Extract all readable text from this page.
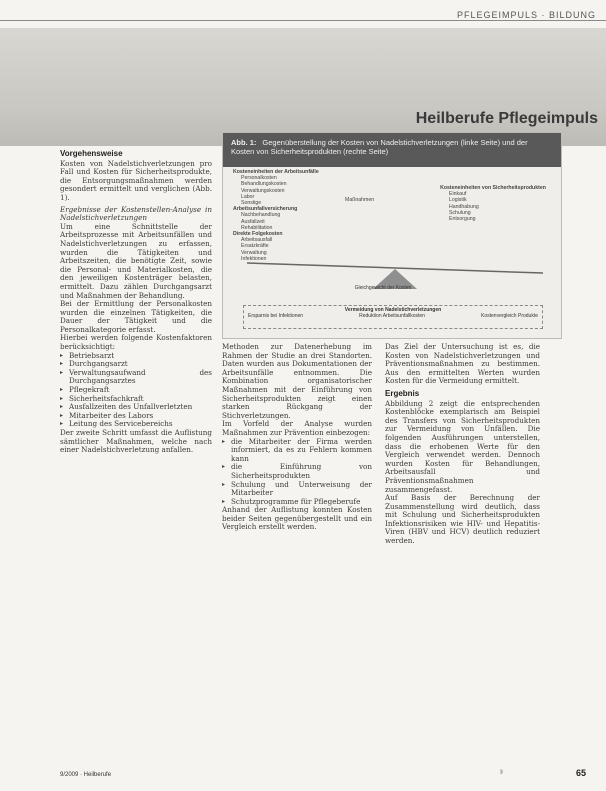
PFLEGEIMPULS · BILDUNG
Heilberufe Pflegeimpuls
Vorgehensweise
Kosten von Nadelstichverletzungen pro Fall und Kosten für Sicherheitsprodukte, die Entsorgungsmaßnahmen werden gesondert ermittelt und verglichen (Abb. 1).
Ergebnisse der Kostenstellen-Analyse in Nadelstichverletzungen
Um eine Schnittstelle der Arbeitsprozesse mit Arbeitsunfällen und Nadelstichverletzungen zu erfassen, wurden die Tätigkeiten und Arbeitszeiten, die benötigte Zeit, sowie die Personal- und Materialkosten, die den jeweiligen Kostenträger belasten, ermittelt. Dazu zählen Durchgangsarzt und Maßnahmen der Behandlung.
Bei der Ermittlung der Personalkosten wurden die einzelnen Tätigkeiten, die Dauer der Tätigkeit und die Personalkategorie erfasst.
Hierbei werden folgende Kostenfaktoren berücksichtigt:
▸ Betriebsarzt
▸ Durchgangsarzt
▸ Verwaltungsaufwand des Durchgangsarztes
▸ Pflegekraft
▸ Sicherheitsfachkraft
▸ Ausfallzeiten des Unfallverletzten
▸ Mitarbeiter des Labors
▸ Leitung des Servicebereichs
Der zweite Schritt umfasst die Auflistung sämtlicher Maßnahmen, welche nach einer Nadelstichverletzung anfallen.
Abb. 1: Gegenüberstellung der Kosten von Nadelstichverletzungen (linke Seite) und der Kosten von Sicherheitsprodukten (rechte Seite)
Kosteneinheiten der Arbeitsunfälle
Personalkosten
Behandlungskosten
Verwaltungskosten
Labor
Sonstige
Arbeitsunfallversicherung
Nachbehandlung
Ausfallzeit
Rehabilitation
Direkte Folgekosten
Arbeitsausfall
Ersatzkräfte
Verwaltung
Infektionen
Maßnahmen
Kosteneinheiten von Sicherheitsprodukten
Einkauf
Logistik
Handhabung
Schulung
Entsorgung
Gleichgewicht der Kosten
Vermeidung von Nadelstichverletzungen
Ersparnis bei Infektionen	Reduktion Arbeitsunfallkosten	Kostenvergleich Produkte
Methoden zur Datenerhebung im Rahmen der Studie an drei Standorten. Daten wurden aus Dokumentationen der Arbeitsunfälle entnommen. Die Kombination organisatorischer Maßnahmen mit der Einführung von Sicherheitsprodukten zeigt einen starken Rückgang der Stichverletzungen.
Im Vorfeld der Analyse wurden Maßnahmen zur Prävention einbezogen:
▸ die Mitarbeiter der Firma werden informiert, da es zu Fehlern kommen kann
▸ die Einführung von Sicherheitsprodukten
▸ Schulung und Unterweisung der Mitarbeiter
▸ Schutzprogramme für Pflegeberufe
Anhand der Auflistung konnten Kosten beider Seiten gegenübergestellt und ein Vergleich erstellt werden.
Das Ziel der Untersuchung ist es, die Kosten von Nadelstichverletzungen und Präventionsmaßnahmen zu bestimmen. Aus den ermittelten Werten wurden Kosten für die Vermeidung ermittelt.
Ergebnis
Abbildung 2 zeigt die entsprechenden Kostenblöcke exemplarisch am Beispiel des Transfers von Sicherheitsprodukten zur Vermeidung von Unfällen. Die folgenden Ausführungen unterstellen, dass die erhobenen Werte für den Vergleich verwendet werden. Dennoch wurden Kosten für Behandlungen, Arbeitsausfall und Präventionsmaßnahmen zusammengefasst.
Auf Basis der Berechnung der Zusammenstellung wird deutlich, dass mit Schulung und Sicherheitsprodukten Infektionsrisiken wie HIV- und Hepatitis-Viren (HBV und HCV) deutlich reduziert werden.
9/2009 · Heilberufe	◗	65
